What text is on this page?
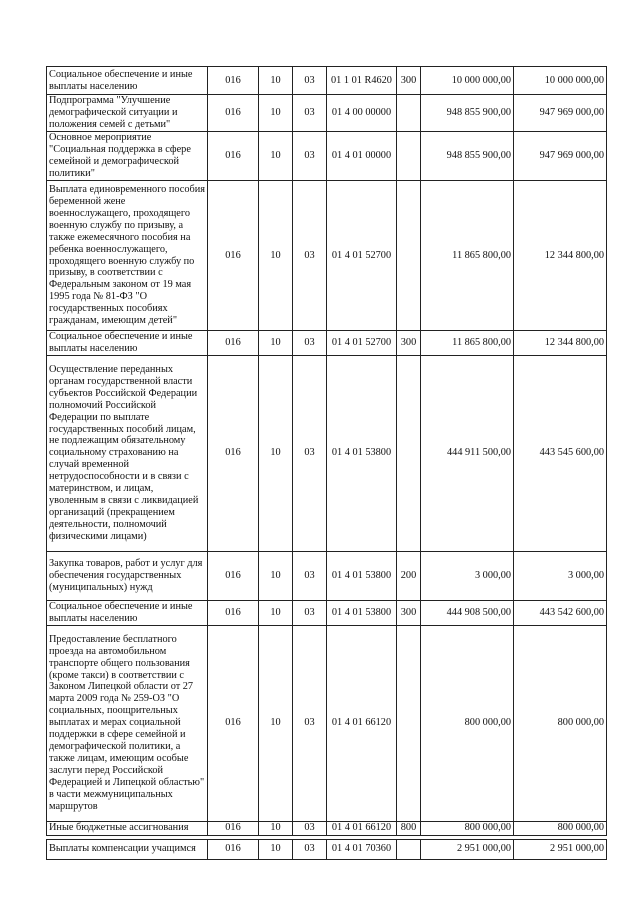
Социальное обеспечение и иные выплаты населению	016	10	03	01 1 01 R4620	300	10 000 000,00	10 000 000,00
Подпрограмма "Улучшение демографической ситуации и положения семей с детьми"	016	10	03	01 4 00 00000		948 855 900,00	947 969 000,00
Основное мероприятие "Социальная поддержка в сфере семейной и демографической политики"	016	10	03	01 4 01 00000		948 855 900,00	947 969 000,00
Выплата единовременного пособия беременной жене военнослужащего, проходящего военную службу по призыву, а также ежемесячного пособия на ребенка военнослужащего, проходящего военную службу по призыву, в соответствии с Федеральным законом от 19 мая 1995 года № 81-ФЗ "О государственных пособиях гражданам, имеющим детей"	016	10	03	01 4 01 52700		11 865 800,00	12 344 800,00
Социальное обеспечение и иные выплаты населению	016	10	03	01 4 01 52700	300	11 865 800,00	12 344 800,00
Осуществление переданных органам государственной власти субъектов Российской Федерации полномочий Российской Федерации по выплате государственных пособий лицам, не подлежащим обязательному социальному страхованию на случай временной нетрудоспособности и в связи с материнством, и лицам, уволенным в связи с ликвидацией организаций (прекращением деятельности, полномочий физическими лицами)	016	10	03	01 4 01 53800		444 911 500,00	443 545 600,00
Закупка товаров, работ и услуг для обеспечения государственных (муниципальных) нужд	016	10	03	01 4 01 53800	200	3 000,00	3 000,00
Социальное обеспечение и иные выплаты населению	016	10	03	01 4 01 53800	300	444 908 500,00	443 542 600,00
Предоставление бесплатного проезда на автомобильном транспорте общего пользования (кроме такси) в соответствии с Законом Липецкой области от 27 марта 2009 года № 259-ОЗ "О социальных, поощрительных выплатах и мерах социальной поддержки в сфере семейной и демографической политики, а также лицам, имеющим особые заслуги перед Российской Федерацией и Липецкой областью" в части межмуниципальных маршрутов	016	10	03	01 4 01 66120		800 000,00	800 000,00
Иные бюджетные ассигнования	016	10	03	01 4 01 66120	800	800 000,00	800 000,00

Выплаты компенсации учащимся	016	10	03	01 4 01 70360		2 951 000,00	2 951 000,00
